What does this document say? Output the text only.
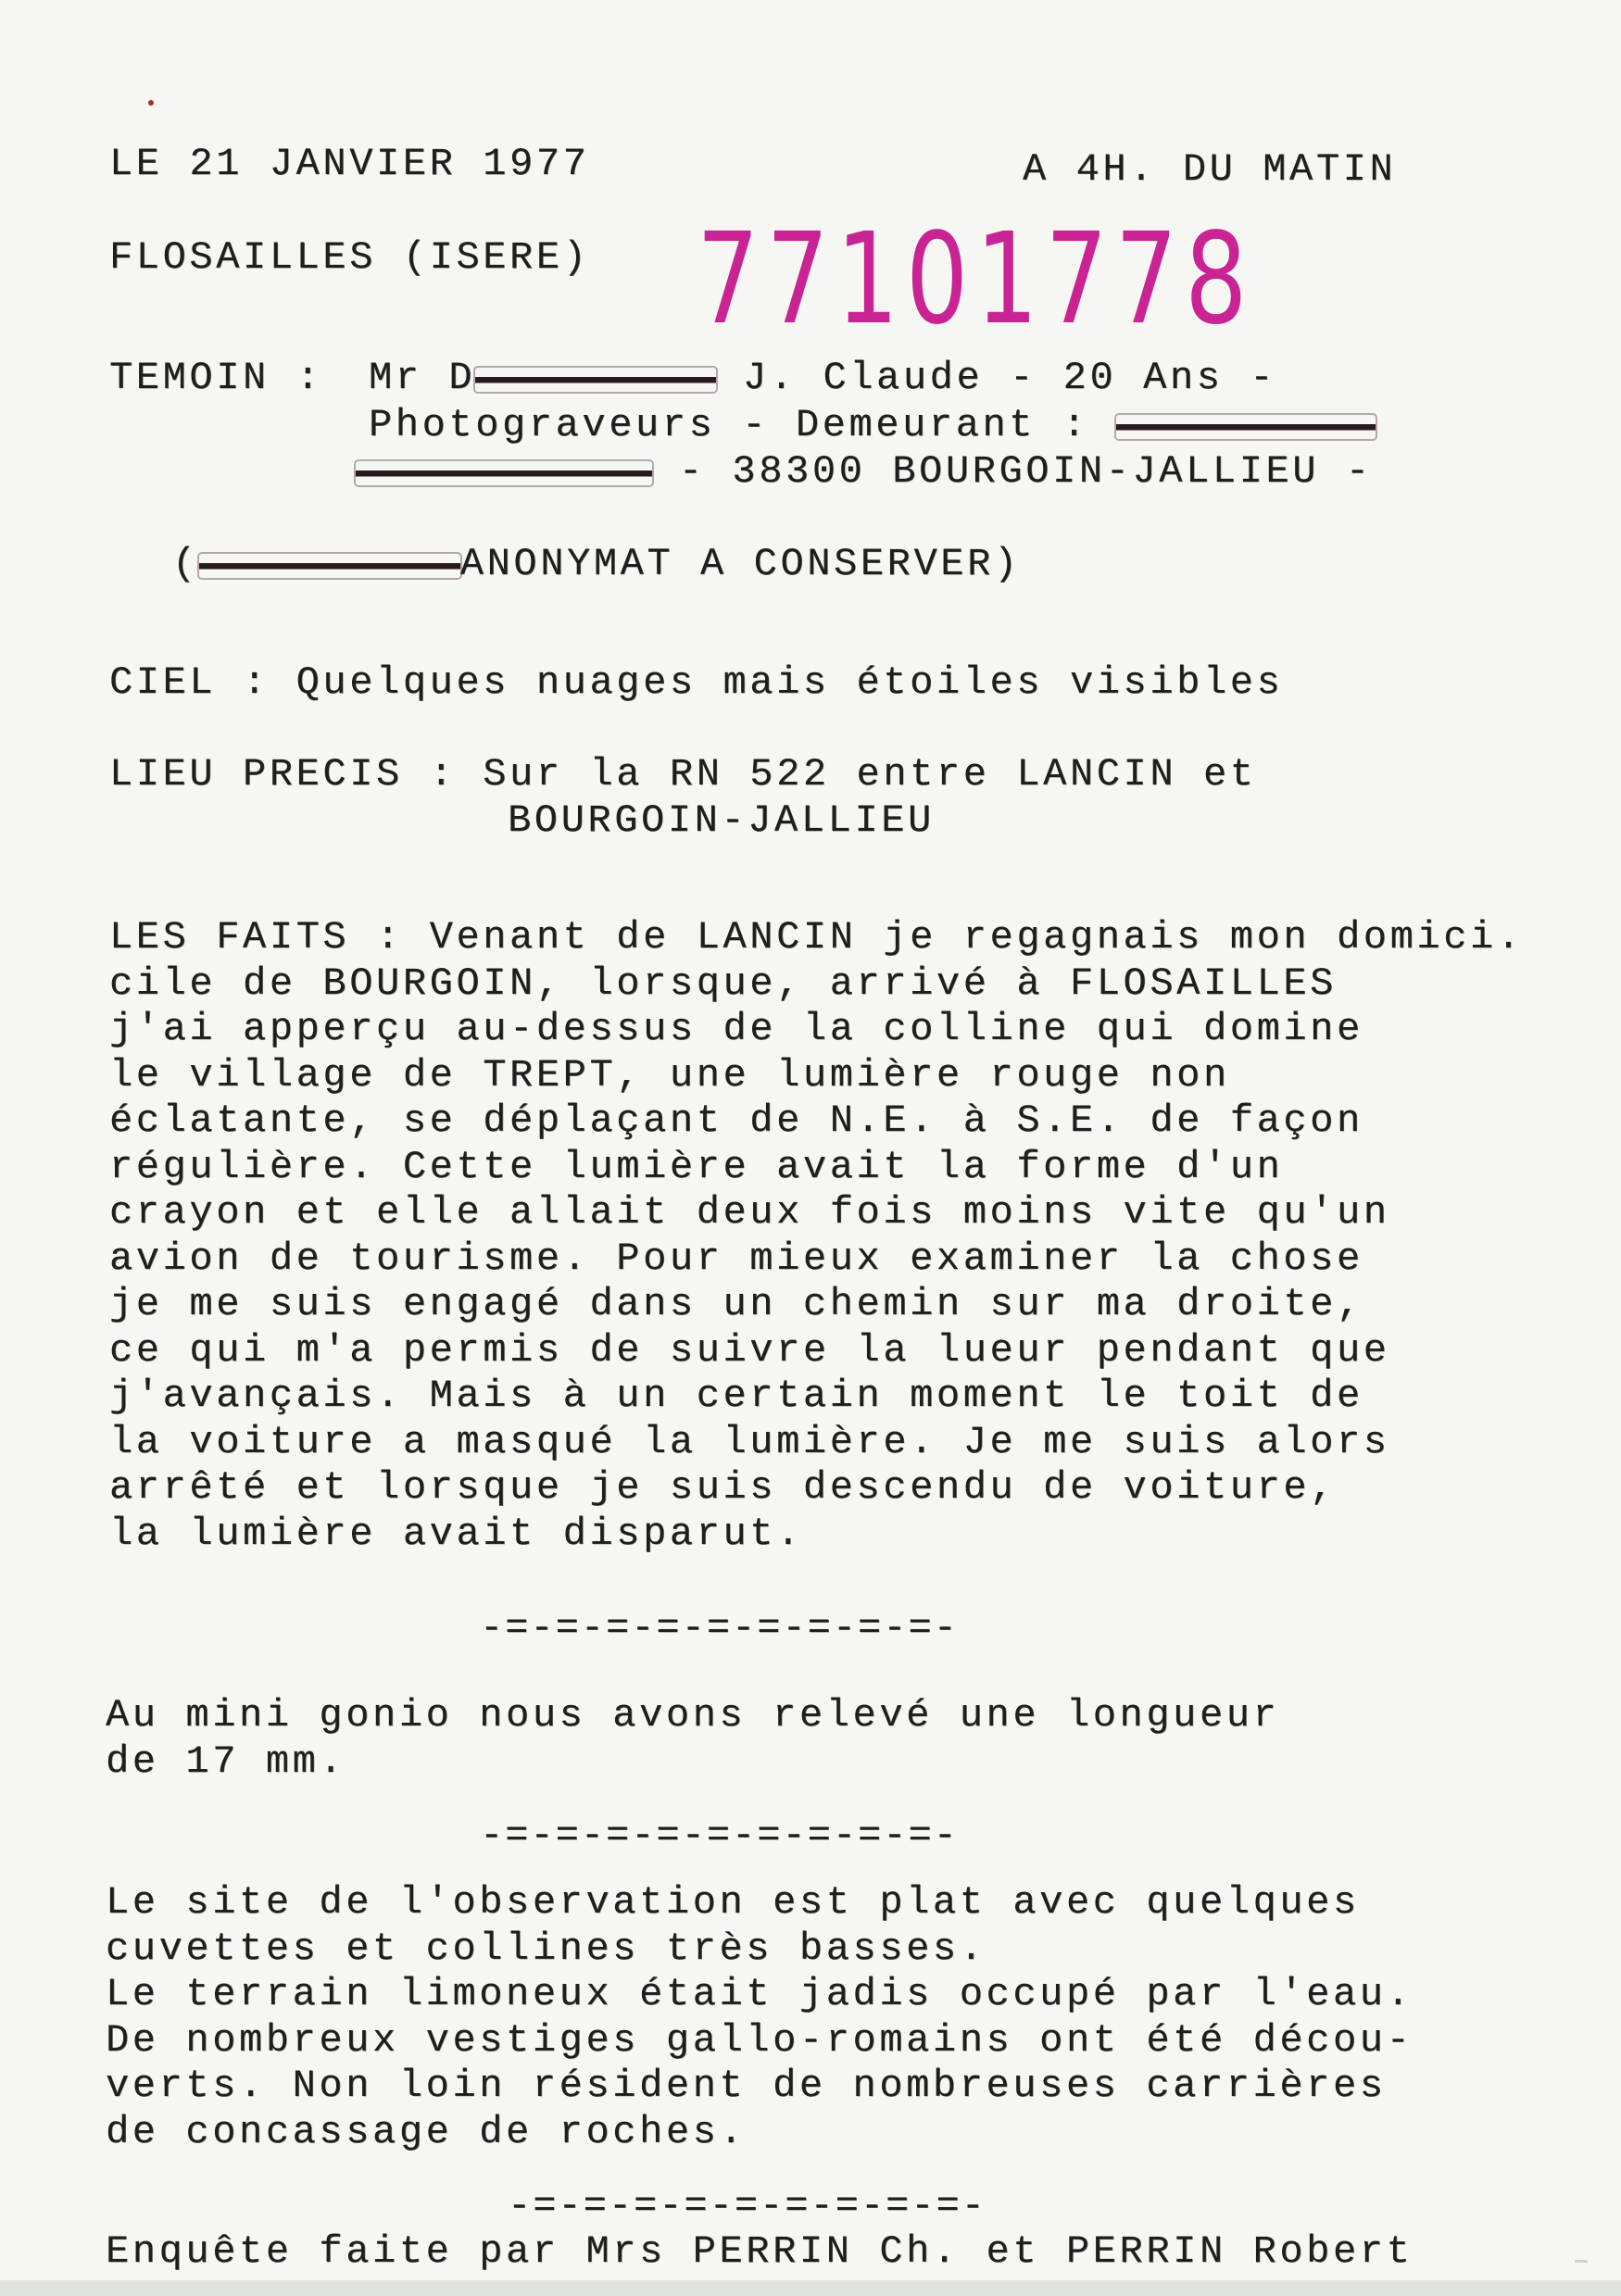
LE 21 JANVIER 1977	A 4H. DU MATIN

FLOSAILLES (ISERE) 77101778

TEMOIN : Mr D	J. Claude - 20 Ans -

Photograveurs - Demeurant :

- 38300 BOURGOIN-JALLIEU -

(	ANONYMAT A CONSERVER)

CIEL : Quelques nuages mais étoiles visibles

LIEU PRECIS : Sur la RN 522 entre LANCIN et

BOURGOIN-JALLIEU

LES FAITS : Venant de LANCIN je regagnais mon domici.
cile de BOURGOIN, lorsque, arrivé à FLOSAILLES
j'ai apperçu au-dessus de la colline qui domine
le village de TREPT, une lumière rouge non
éclatante, se déplaçant de N.E. à S.E. de façon
régulière. Cette lumière avait la forme d'un
crayon et elle allait deux fois moins vite qu'un
avion de tourisme. Pour mieux examiner la chose
je me suis engagé dans un chemin sur ma droite,
ce qui m'a permis de suivre la lueur pendant que
j'avançais. Mais à un certain moment le toit de
la voiture a masqué la lumière. Je me suis alors
arrêté et lorsque je suis descendu de voiture,
la lumière avait disparut.

-=-=-=-=-=-=-=-=-=-

Au mini gonio nous avons relevé une longueur
de 17 mm.

-=-=-=-=-=-=-=-=-=-

Le site de l'observation est plat avec quelques
cuvettes et collines très basses.
Le terrain limoneux était jadis occupé par l'eau.
De nombreux vestiges gallo-romains ont été décou-
verts. Non loin résident de nombreuses carrières
de concassage de roches.

-=-=-=-=-=-=-=-=-=-

Enquête faite par Mrs PERRIN Ch. et PERRIN Robert
